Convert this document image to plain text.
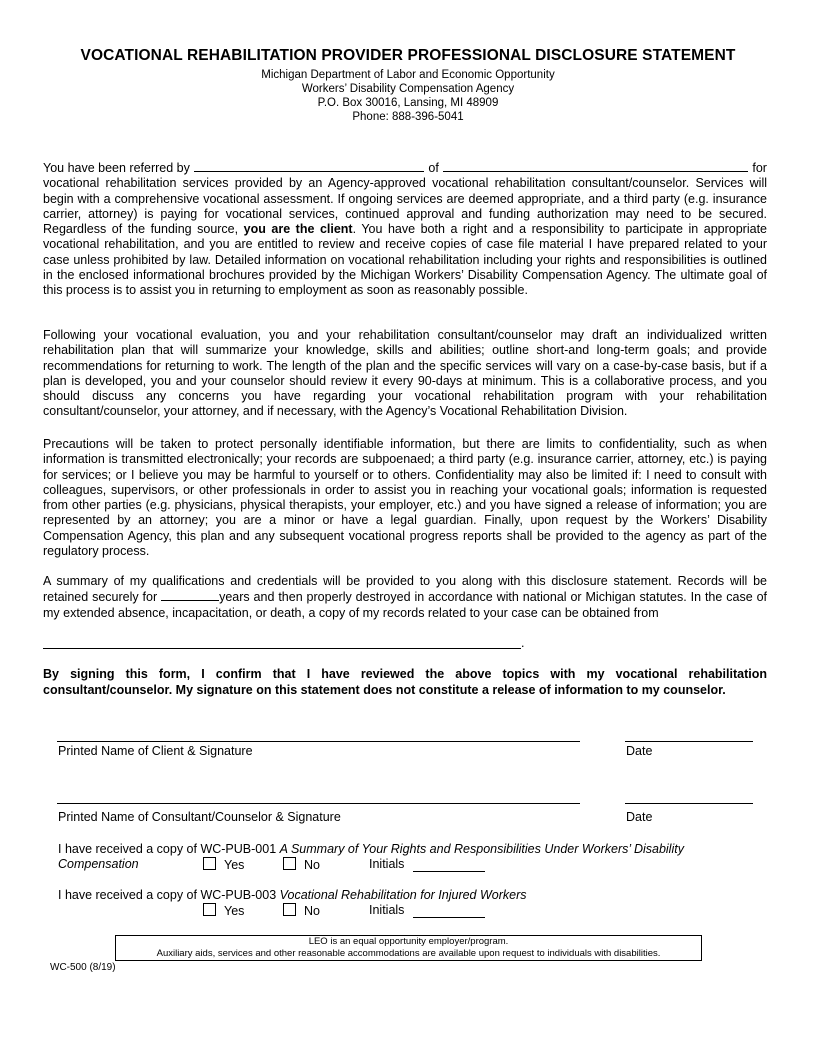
VOCATIONAL REHABILITATION PROVIDER PROFESSIONAL DISCLOSURE STATEMENT
Michigan Department of Labor and Economic Opportunity
Workers’ Disability Compensation Agency
P.O. Box 30016, Lansing, MI 48909
Phone: 888-396-5041
You have been referred by	of	for
vocational rehabilitation services provided by an Agency-approved vocational rehabilitation consultant/counselor. Services will begin with a comprehensive vocational assessment. If ongoing services are deemed appropriate, and a third party (e.g. insurance carrier, attorney) is paying for vocational services, continued approval and funding authorization may need to be secured. Regardless of the funding source, you are the client. You have both a right and a responsibility to participate in appropriate vocational rehabilitation, and you are entitled to review and receive copies of case file material I have prepared related to your case unless prohibited by law. Detailed information on vocational rehabilitation including your rights and responsibilities is outlined in the enclosed informational brochures provided by the Michigan Workers’ Disability Compensation Agency. The ultimate goal of this process is to assist you in returning to employment as soon as reasonably possible.
Following your vocational evaluation, you and your rehabilitation consultant/counselor may draft an individualized written rehabilitation plan that will summarize your knowledge, skills and abilities; outline short-and long-term goals; and provide recommendations for returning to work. The length of the plan and the specific services will vary on a case-by-case basis, but if a plan is developed, you and your counselor should review it every 90-days at minimum. This is a collaborative process, and you should discuss any concerns you have regarding your vocational rehabilitation program with your rehabilitation consultant/counselor, your attorney, and if necessary, with the Agency’s Vocational Rehabilitation Division.
Precautions will be taken to protect personally identifiable information, but there are limits to confidentiality, such as when information is transmitted electronically; your records are subpoenaed; a third party (e.g. insurance carrier, attorney, etc.) is paying for services; or I believe you may be harmful to yourself or to others. Confidentiality may also be limited if: I need to consult with colleagues, supervisors, or other professionals in order to assist you in reaching your vocational goals; information is requested from other parties (e.g. physicians, physical therapists, your employer, etc.) and you have signed a release of information; you are represented by an attorney; you are a minor or have a legal guardian. Finally, upon request by the Workers’ Disability Compensation Agency, this plan and any subsequent vocational progress reports shall be provided to the agency as part of the regulatory process.
A summary of my qualifications and credentials will be provided to you along with this disclosure statement. Records will be retained securely for	years and then properly destroyed in accordance with national or Michigan statutes. In the case of my extended absence, incapacitation, or death, a copy of my records related to your case can be obtained from
.
By signing this form, I confirm that I have reviewed the above topics with my vocational rehabilitation consultant/counselor. My signature on this statement does not constitute a release of information to my counselor.
Printed Name of Client & Signature	Date
Printed Name of Consultant/Counselor & Signature	Date
I have received a copy of WC-PUB-001 A Summary of Your Rights and Responsibilities Under Workers’ Disability
Compensation	Yes	No	Initials
I have received a copy of WC-PUB-003 Vocational Rehabilitation for Injured Workers
Yes	No	Initials
LEO is an equal opportunity employer/program.
Auxiliary aids, services and other reasonable accommodations are available upon request to individuals with disabilities.
WC-500 (8/19)
